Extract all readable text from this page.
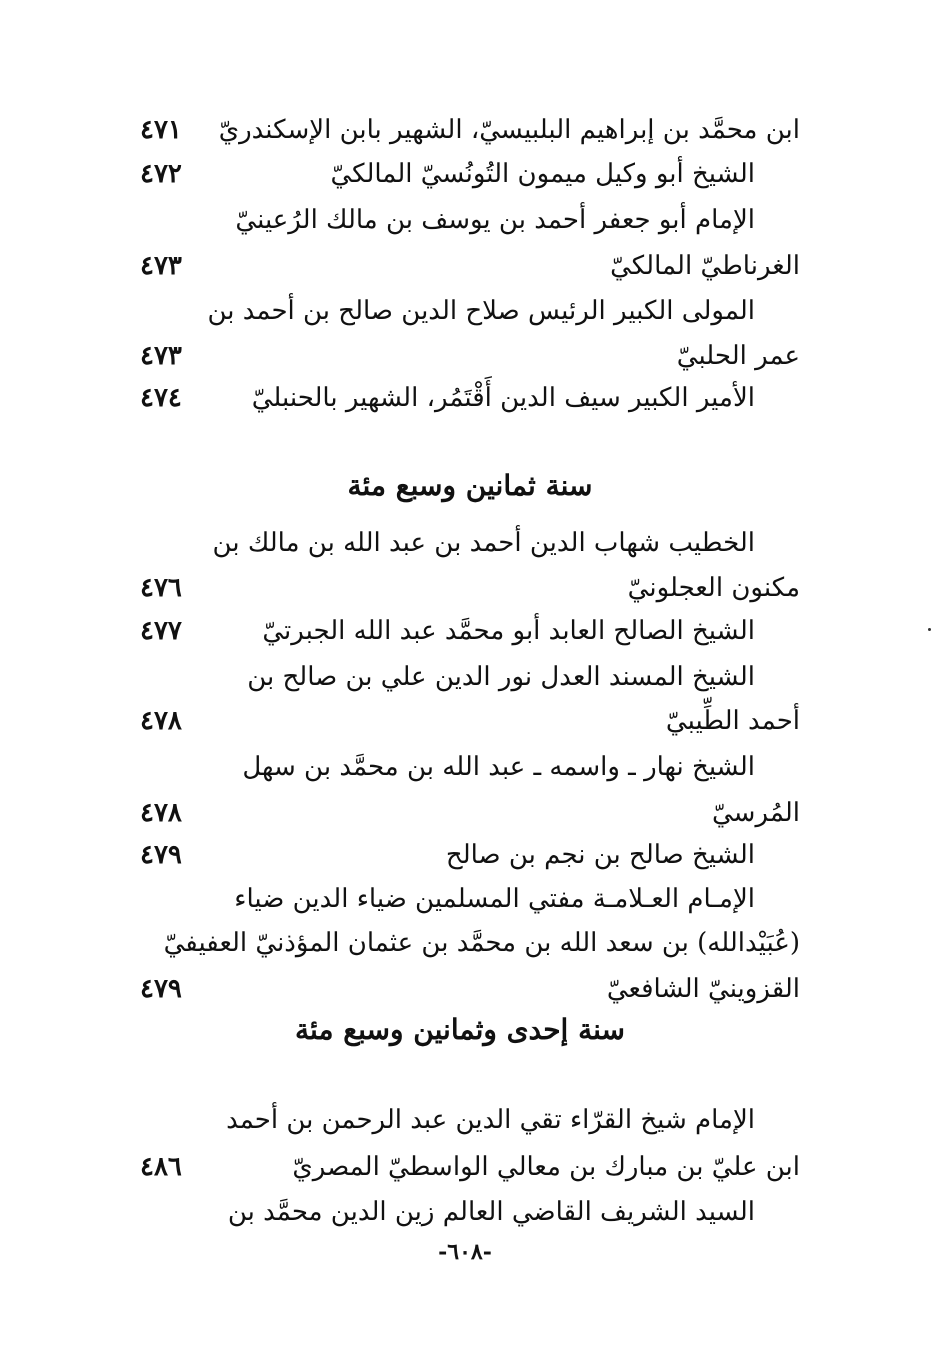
ابن محمَّد بن إبراهيم البلبيسيّ، الشهير بابن الإسكندريّ
٤٧١
الشيخ أبو وكيل ميمون التُونُسيّ المالكيّ
٤٧٢
الإمام أبو جعفر أحمد بن يوسف بن مالك الرُعينيّ
الغرناطيّ المالكيّ
٤٧٣
المولى الكبير الرئيس صلاح الدين صالح بن أحمد بن
عمر الحلبيّ
٤٧٣
الأمير الكبير سيف الدين أَقْتَمُر، الشهير بالحنبليّ
٤٧٤
سنة ثمانين وسبع مئة
الخطيب شهاب الدين أحمد بن عبد الله بن مالك بن
مكنون العجلونيّ
٤٧٦
الشيخ الصالح العابد أبو محمَّد عبد الله الجبرتيّ
٤٧٧
الشيخ المسند العدل نور الدين علي بن صالح بن
أحمد الطِّيبيّ
٤٧٨
الشيخ نهار ـ واسمه ـ عبد الله بن محمَّد بن سهل
المُرسيّ
٤٧٨
الشيخ صالح بن نجم بن صالح
٤٧٩
الإمـام العـلامـة مفتي المسلمين ضياء الدين ضياء
(عُبَيْدالله) بن سعد الله بن محمَّد بن عثمان المؤذنيّ العفيفيّ
القزوينيّ الشافعيّ
٤٧٩
سنة إحدى وثمانين وسبع مئة
الإمام شيخ القرّاء تقي الدين عبد الرحمن بن أحمد
ابن عليّ بن مبارك بن معالي الواسطيّ المصريّ
٤٨٦
السيد الشريف القاضي العالم زين الدين محمَّد بن
-٦٠٨-
